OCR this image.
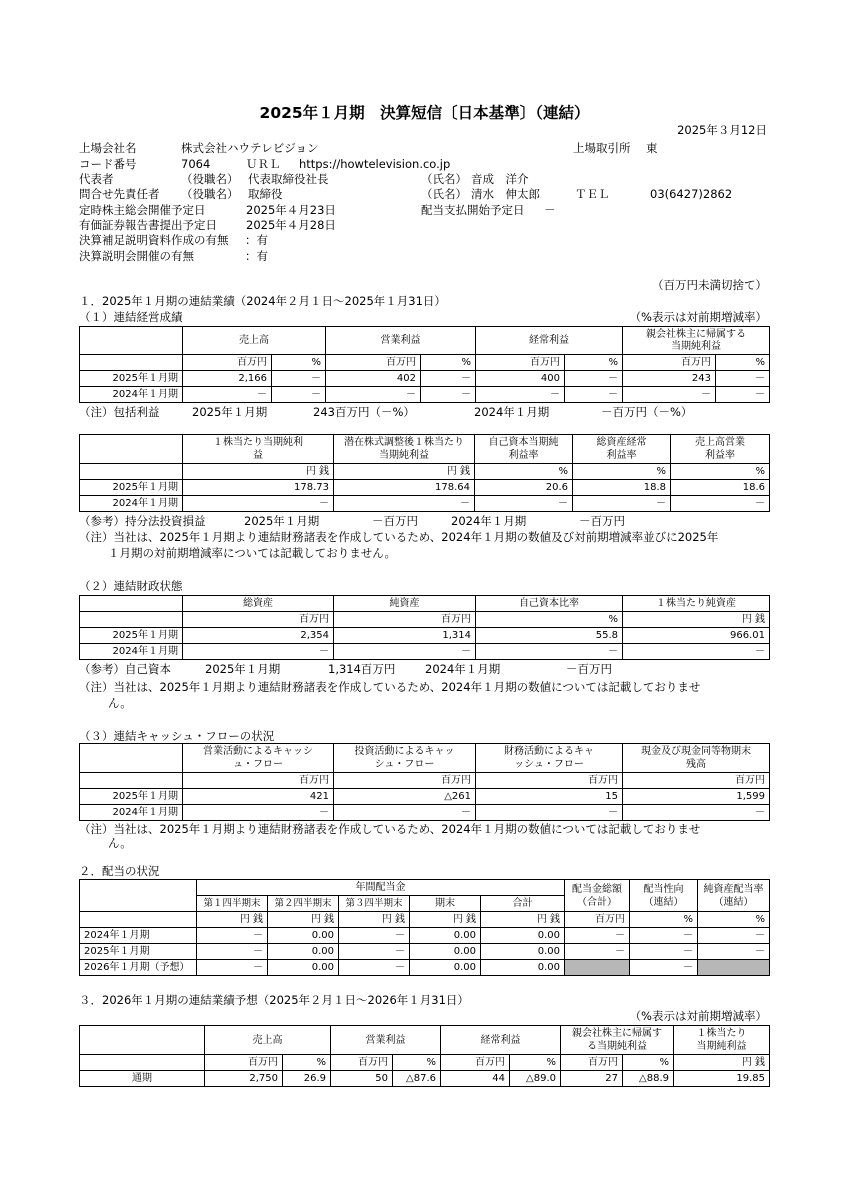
2025年１月期　決算短信〔日本基準〕（連結）
2025年３月12日
上場会社名	株式会社ハウテレビジョン	上場取引所 東
コード番号	7064	ＵＲＬ https://howtelevision.co.jp
代表者	（役職名） 代表取締役社長	（氏名） 音成　洋介
問合せ先責任者 （役職名） 取締役	（氏名） 清水　伸太郎	ＴＥＬ	03(6427)2862
定時株主総会開催予定日	2025年４月23日	配当支払開始予定日 －
有価証券報告書提出予定日	2025年４月28日
決算補足説明資料作成の有無 ：有
決算説明会開催の有無	：有
（百万円未満切捨て）
１．2025年１月期の連結業績（2024年２月１日～2025年１月31日）
（１）連結経営成績	（%表示は対前期増減率）
	売上高		営業利益		経常利益		親会社株主に帰属する当期純利益	
	百万円	%	百万円	%	百万円	%	百万円	%
2025年１月期	2,166	－	402	－	400	－	243	－
2024年１月期	－	－	－	－	－	－	－	－
（注）包括利益	2025年１月期	243百万円（－%）	2024年１月期	－百万円（－%）
	１株当たり当期純利益	潜在株式調整後１株当たり当期純利益	自己資本当期純利益率	総資産経常利益率	売上高営業利益率
	円 銭	円 銭	%	%	%
2025年１月期	178.73	178.64	20.6	18.8	18.6
2024年１月期	－	－	－	－	－
（参考）持分法投資損益	2025年１月期	－百万円	2024年１月期	－百万円
（注）当社は、2025年１月期より連結財務諸表を作成しているため、2024年１月期の数値及び対前期増減率並びに2025年
１月期の対前期増減率については記載しておりません。
（２）連結財政状態
	総資産	純資産	自己資本比率	１株当たり純資産
	百万円	百万円	%	円 銭
2025年１月期	2,354	1,314	55.8	966.01
2024年１月期	－	－	－	－
（参考）自己資本	2025年１月期	1,314百万円	2024年１月期	－百万円
（注）当社は、2025年１月期より連結財務諸表を作成しているため、2024年１月期の数値については記載しておりませ
ん。
（３）連結キャッシュ・フローの状況
	営業活動によるキャッシュ・フロー	投資活動によるキャッシュ・フロー	財務活動によるキャッシュ・フロー	現金及び現金同等物期末残高
	百万円	百万円	百万円	百万円
2025年１月期	421	△261	15	1,599
2024年１月期	－	－	－	－
（注）当社は、2025年１月期より連結財務諸表を作成しているため、2024年１月期の数値については記載しておりませ
ん。
２．配当の状況
	年間配当金					配当金総額（合計）	配当性向（連結）	純資産配当率（連結）
	第１四半期末	第２四半期末	第３四半期末	期末	合計			
	円 銭	円 銭	円 銭	円 銭	円 銭	百万円	%	%
2024年１月期	－	0.00	－	0.00	0.00	－	－	－
2025年１月期	－	0.00	－	0.00	0.00	－	－	－
2026年１月期（予想）	－	0.00	－	0.00	0.00		－	
３．2026年１月期の連結業績予想（2025年２月１日～2026年１月31日）
（%表示は対前期増減率）
	売上高		営業利益		経常利益		親会社株主に帰属する当期純利益		１株当たり当期純利益
	百万円	%	百万円	%	百万円	%	百万円	%	円 銭
通期	2,750	26.9	50	△87.6	44	△89.0	27	△88.9	19.85
